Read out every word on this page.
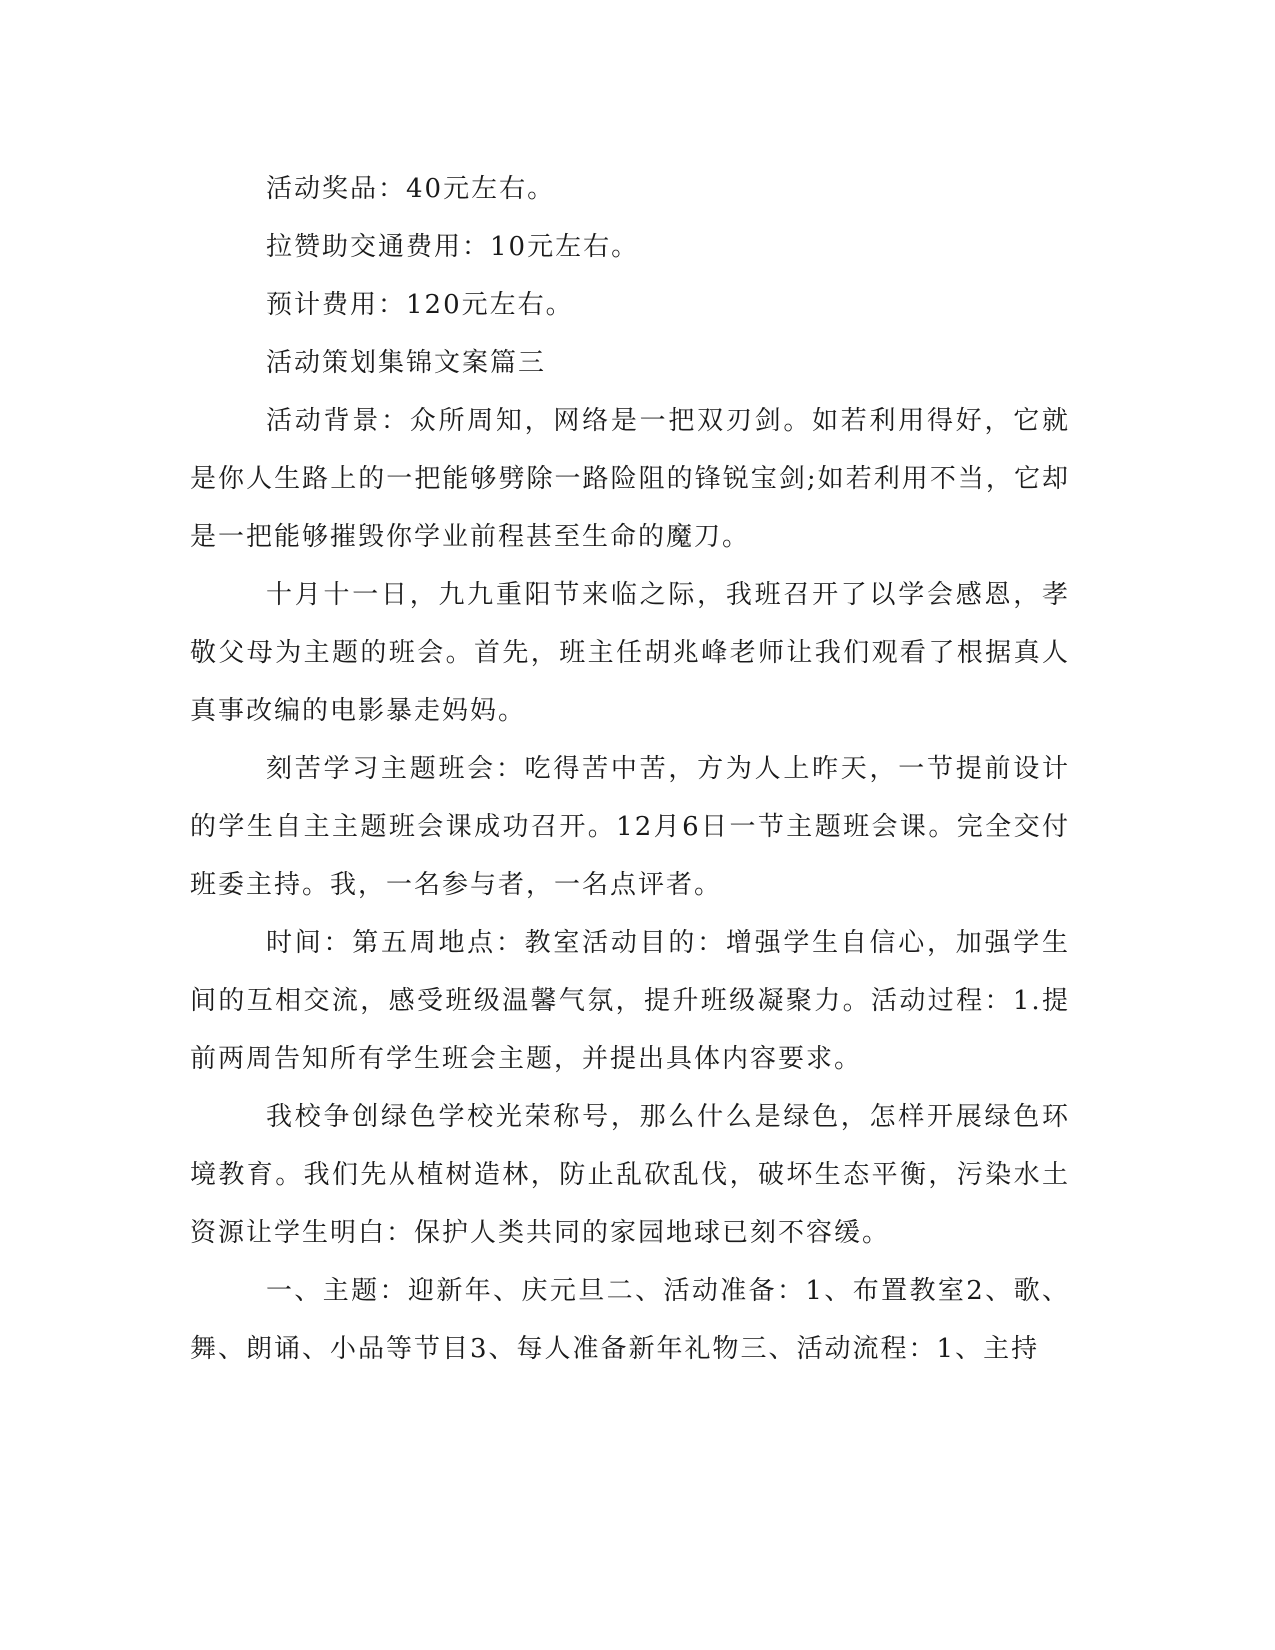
活动奖品：40元左右。

拉赞助交通费用：10元左右。

预计费用：120元左右。

活动策划集锦文案篇三

活动背景：众所周知，网络是一把双刃剑。如若利用得好，它就是你人生路上的一把能够劈除一路险阻的锋锐宝剑;如若利用不当，它却是一把能够摧毁你学业前程甚至生命的魔刀。

十月十一日，九九重阳节来临之际，我班召开了以学会感恩，孝敬父母为主题的班会。首先，班主任胡兆峰老师让我们观看了根据真人真事改编的电影暴走妈妈。

刻苦学习主题班会：吃得苦中苦，方为人上昨天，一节提前设计的学生自主主题班会课成功召开。12月6日一节主题班会课。完全交付班委主持。我，一名参与者，一名点评者。

时间：第五周地点：教室活动目的：增强学生自信心，加强学生间的互相交流，感受班级温馨气氛，提升班级凝聚力。活动过程：1.提前两周告知所有学生班会主题，并提出具体内容要求。

我校争创绿色学校光荣称号，那么什么是绿色，怎样开展绿色环境教育。我们先从植树造林，防止乱砍乱伐，破坏生态平衡，污染水土资源让学生明白：保护人类共同的家园地球已刻不容缓。

一、主题：迎新年、庆元旦二、活动准备：1、布置教室2、歌、舞、朗诵、小品等节目3、每人准备新年礼物三、活动流程：1、主持
